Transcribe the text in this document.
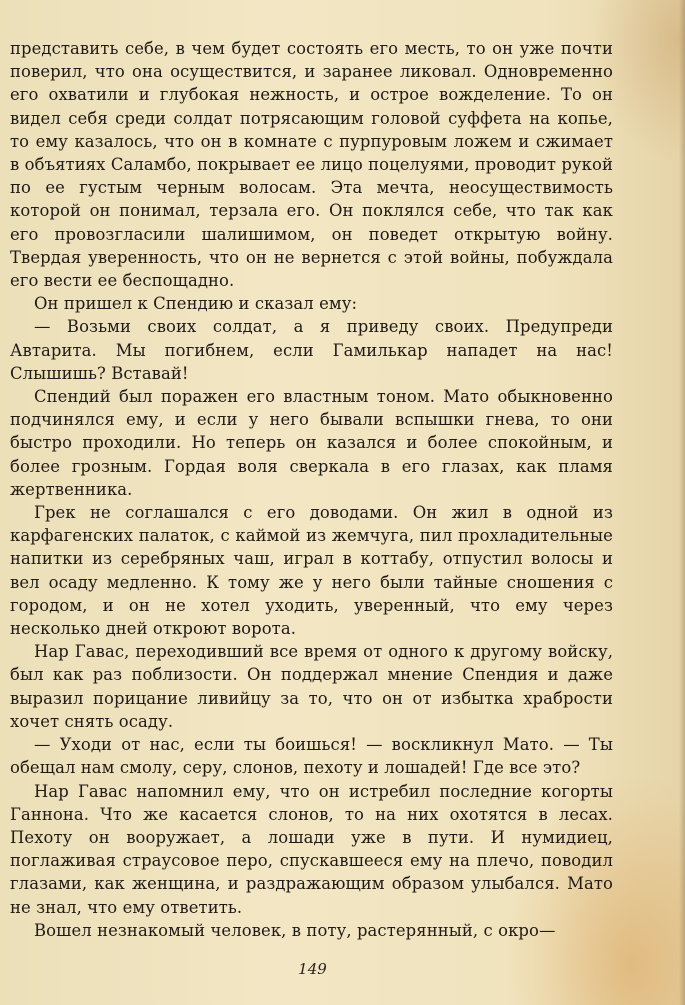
представить себе, в чем будет состоять его месть, то он уже почти поверил, что она осуществится, и заранее ликовал. Одновременно его охватили и глубокая нежность, и острое вожделение. То он видел себя среди солдат потрясающим головой суффета на копье, то ему казалось, что он в комнате с пурпуровым ложем и сжимает в объятиях Саламбо, покрывает ее лицо поцелуями, проводит рукой по ее густым черным волосам. Эта мечта, неосуществимость которой он понимал, терзала его. Он поклялся себе, что так как его провозгласили шалишимом, он поведет открытую войну. Твердая уверенность, что он не вернется с этой войны, побуждала его вести ее беспощадно.

Он пришел к Спендию и сказал ему:

— Возьми своих солдат, а я приведу своих. Предупреди Автарита. Мы погибнем, если Гамилькар нападет на нас! Слышишь? Вставай!

Спендий был поражен его властным тоном. Мато обыкновенно подчинялся ему, и если у него бывали вспышки гнева, то они быстро проходили. Но теперь он казался и более спокойным, и более грозным. Гордая воля сверкала в его глазах, как пламя жертвенника.

Грек не соглашался с его доводами. Он жил в одной из карфагенских палаток, с каймой из жемчуга, пил прохладительные напитки из серебряных чаш, играл в коттабу, отпустил волосы и вел осаду медленно. К тому же у него были тайные сношения с городом, и он не хотел уходить, уверенный, что ему через несколько дней откроют ворота.

Нар Гавас, переходивший все время от одного к другому войску, был как раз поблизости. Он поддержал мнение Спендия и даже выразил порицание ливийцу за то, что он от избытка храбрости хочет снять осаду.

— Уходи от нас, если ты боишься! — воскликнул Мато. — Ты обещал нам смолу, серу, слонов, пехоту и лошадей! Где все это?

Нар Гавас напомнил ему, что он истребил последние когорты Ганнона. Что же касается слонов, то на них охотятся в лесах. Пехоту он вооружает, а лошади уже в пути. И нумидиец, поглаживая страусовое перо, спускавшееся ему на плечо, поводил глазами, как женщина, и раздражающим образом улыбался. Мато не знал, что ему ответить.

Вошел незнакомый человек, в поту, растерянный, с окро—

149
